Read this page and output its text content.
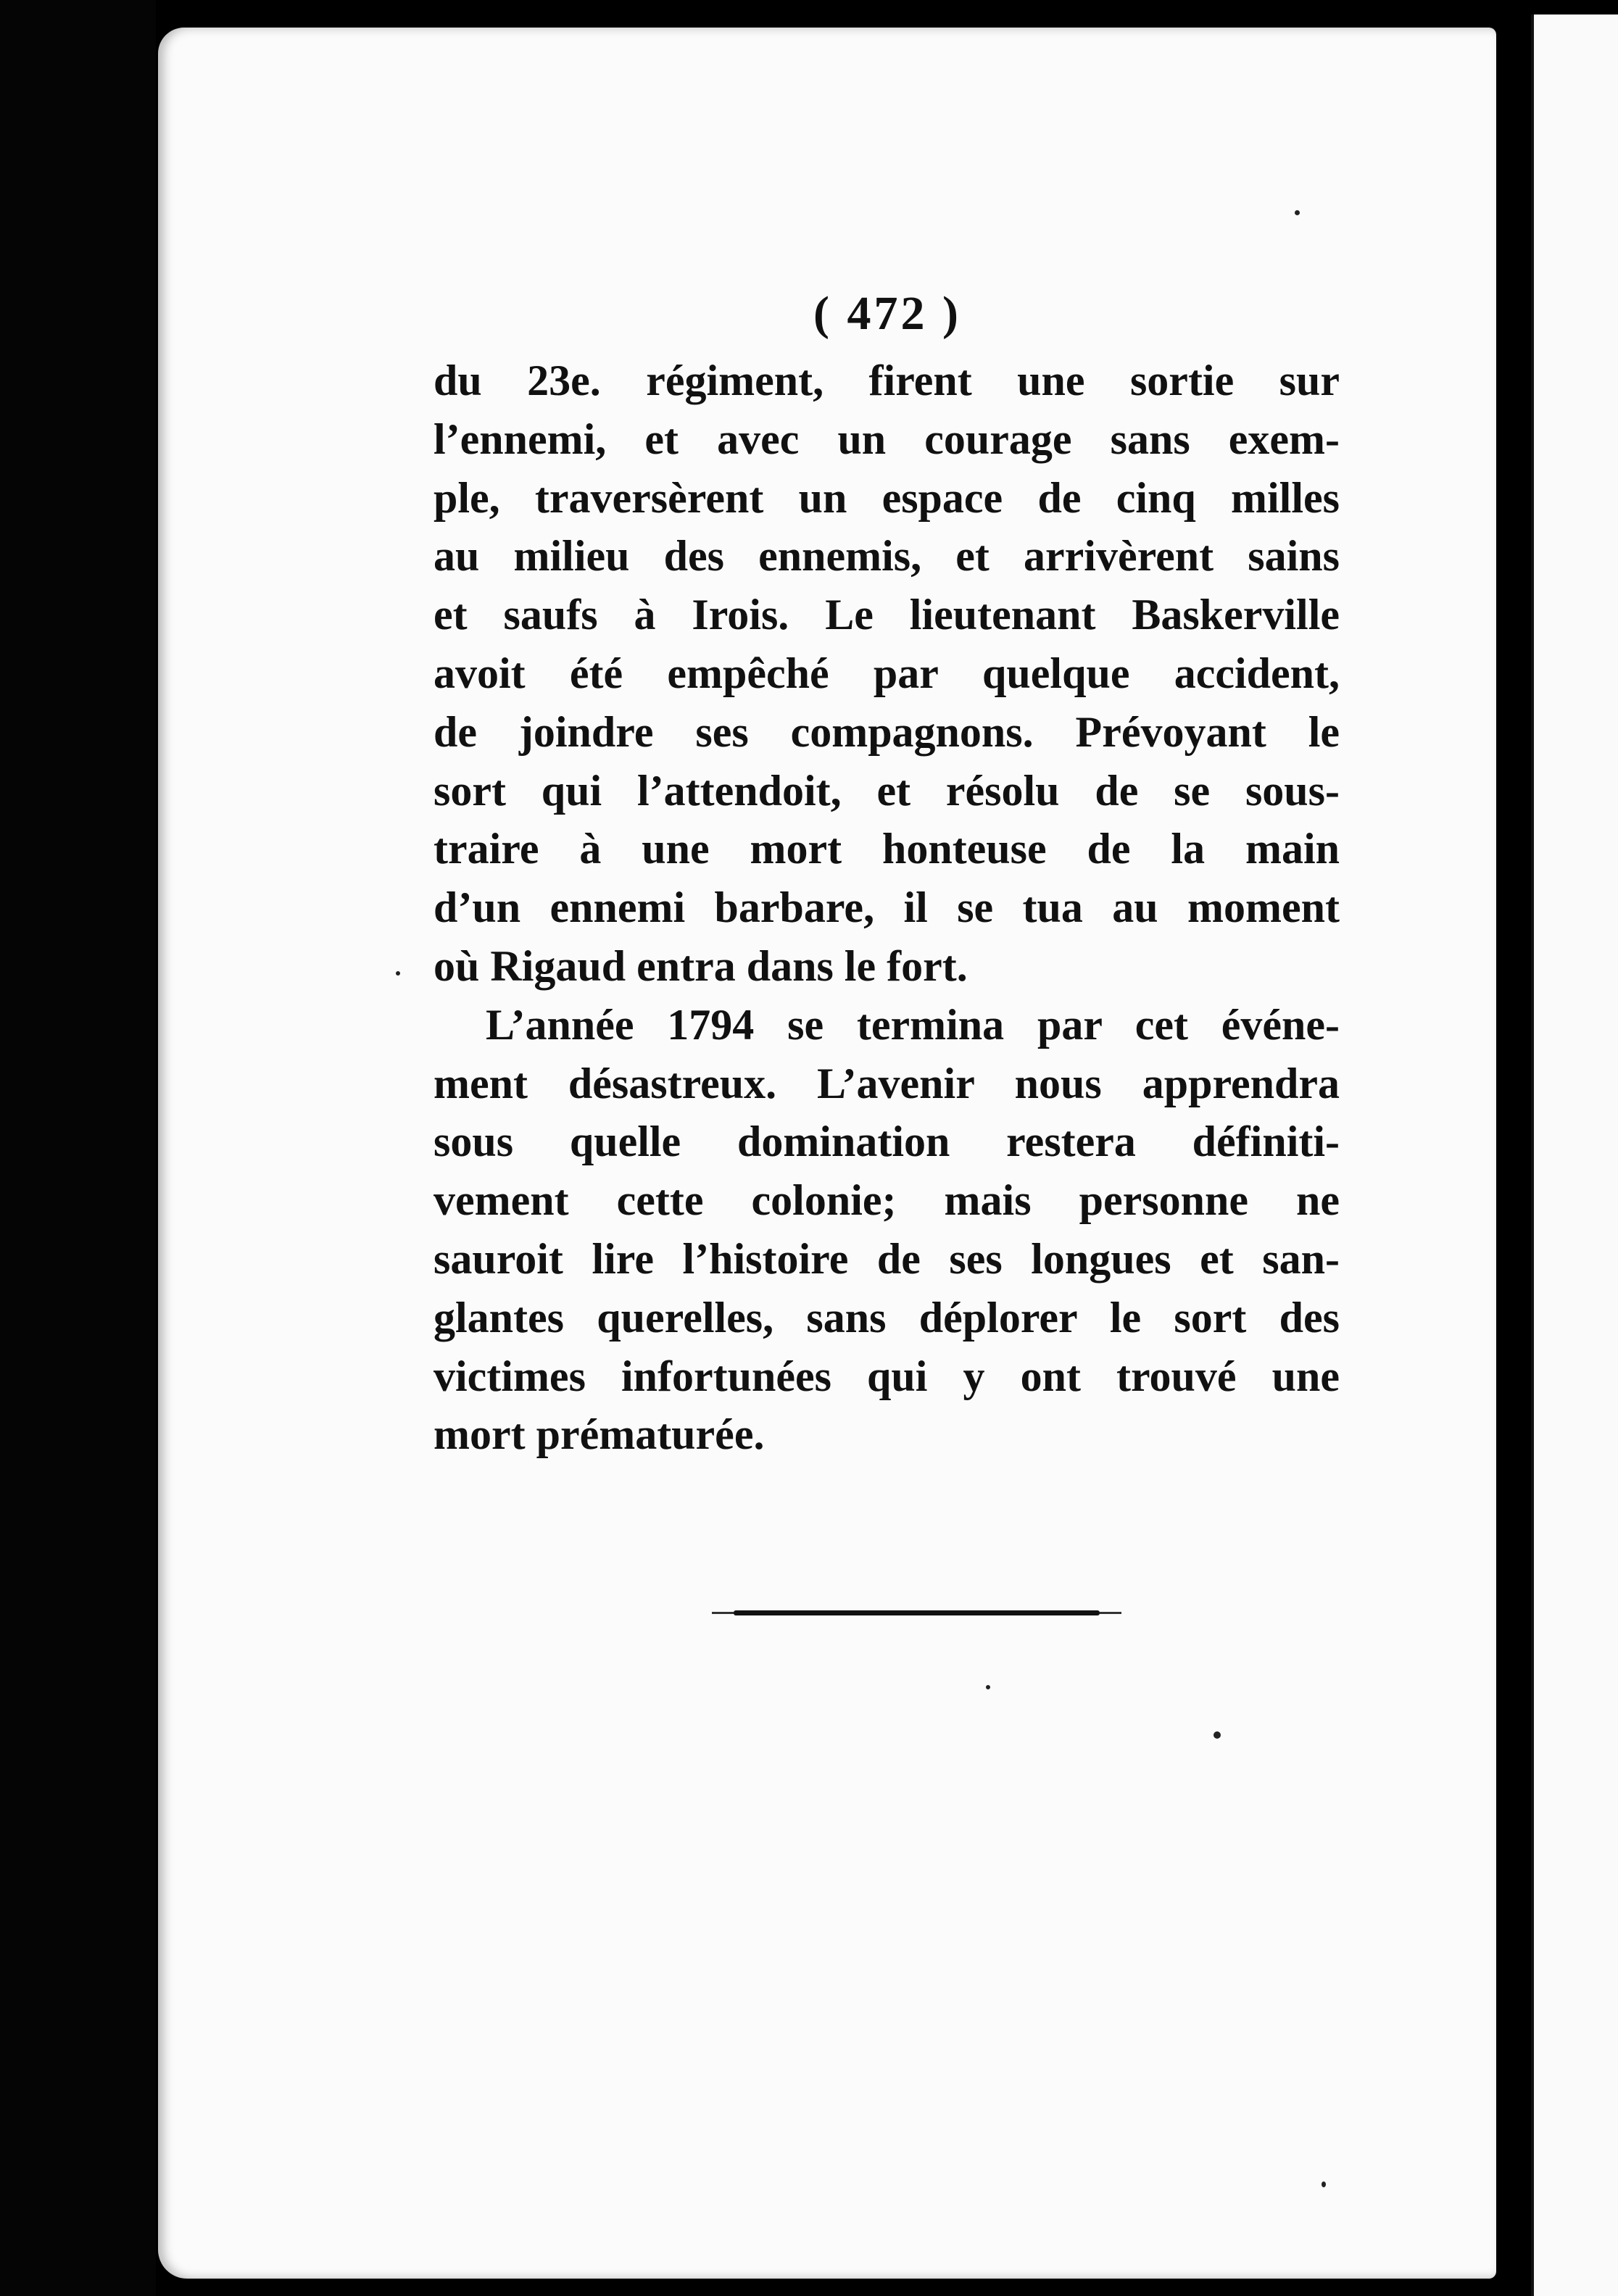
( 472 )
du 23e. régiment, firent une sortie sur
l’ennemi, et avec un courage sans exem-
ple, traversèrent un espace de cinq milles
au milieu des ennemis, et arrivèrent sains
et saufs à Irois. Le lieutenant Baskerville
avoit été empêché par quelque accident,
de joindre ses compagnons. Prévoyant le
sort qui l’attendoit, et résolu de se sous-
traire à une mort honteuse de la main
d’un ennemi barbare, il se tua au moment
où Rigaud entra dans le fort.
L’année 1794 se termina par cet événe-
ment désastreux. L’avenir nous apprendra
sous quelle domination restera définiti-
vement cette colonie; mais personne ne
sauroit lire l’histoire de ses longues et san-
glantes querelles, sans déplorer le sort des
victimes infortunées qui y ont trouvé une
mort prématurée.
